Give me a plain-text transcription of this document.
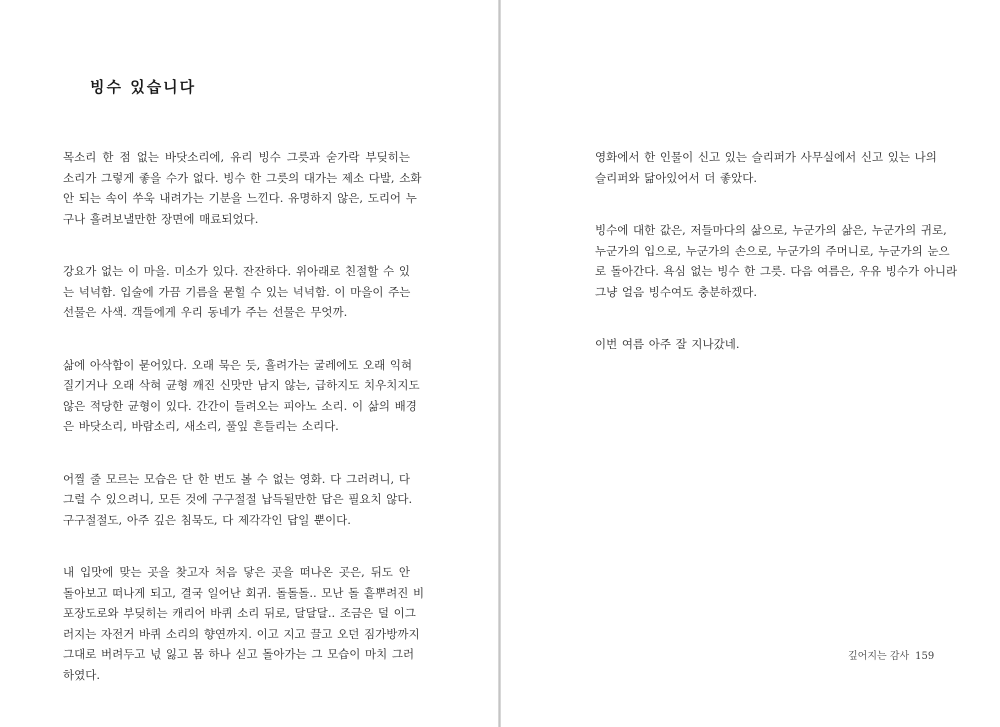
빙수 있습니다

목소리 한 점 없는 바닷소리에, 유리 빙수 그릇과 숟가락 부딪히는
소리가 그렇게 좋을 수가 없다. 빙수 한 그릇의 대가는 제소 다발, 소화
안 되는 속이 쑤욱 내려가는 기분을 느낀다. 유명하지 않은, 도리어 누
구나 흘려보낼만한 장면에 매료되었다.

강요가 없는 이 마을. 미소가 있다. 잔잔하다. 위아래로 친절할 수 있
는 넉넉함. 입술에 가끔 기름을 묻힐 수 있는 넉넉함. 이 마을이 주는
선물은 사색. 객들에게 우리 동네가 주는 선물은 무엇까.

삶에 아삭함이 묻어있다. 오래 묵은 듯, 흘려가는 굴레에도 오래 익혀
질기거나 오래 삭혀 균형 깨진 신맛만 남지 않는, 급하지도 치우치지도
않은 적당한 균형이 있다. 간간이 들려오는 피아노 소리. 이 삶의 배경
은 바닷소리, 바람소리, 새소리, 풀잎 흔들리는 소리다.

어찔 줄 모르는 모습은 단 한 번도 볼 수 없는 영화. 다 그러려니, 다
그럴 수 있으려니, 모든 것에 구구절절 납득될만한 답은 필요치 않다.
구구절절도, 아주 깊은 침묵도, 다 제각각인 답일 뿐이다.

내 입맛에 맞는 곳을 찾고자 처음 닿은 곳을 떠나온 곳은, 뒤도 안
돌아보고 떠나게 되고, 결국 일어난 회귀. 돌돌돌.. 모난 돌 흩뿌려진 비
포장도로와 부딪히는 캐리어 바퀴 소리 뒤로, 달달달.. 조금은 덜 이그
러지는 자전거 바퀴 소리의 향연까지. 이고 지고 끌고 오던 짐가방까지
그대로 버려두고 넋 잃고 몸 하나 싣고 돌아가는 그 모습이 마치 그러
하였다.

영화에서 한 인물이 신고 있는 슬리퍼가 사무실에서 신고 있는 나의
슬리퍼와 닮아있어서 더 좋았다.

빙수에 대한 값은, 저들마다의 삶으로, 누군가의 삶은, 누군가의 귀로,
누군가의 입으로, 누군가의 손으로, 누군가의 주머니로, 누군가의 눈으
로 돌아간다. 욕심 없는 빙수 한 그릇. 다음 여름은, 우유 빙수가 아니라
그냥 얼음 빙수여도 충분하겠다.

이번 여름 아주 잘 지나갔네.

깊어지는 감사 159
